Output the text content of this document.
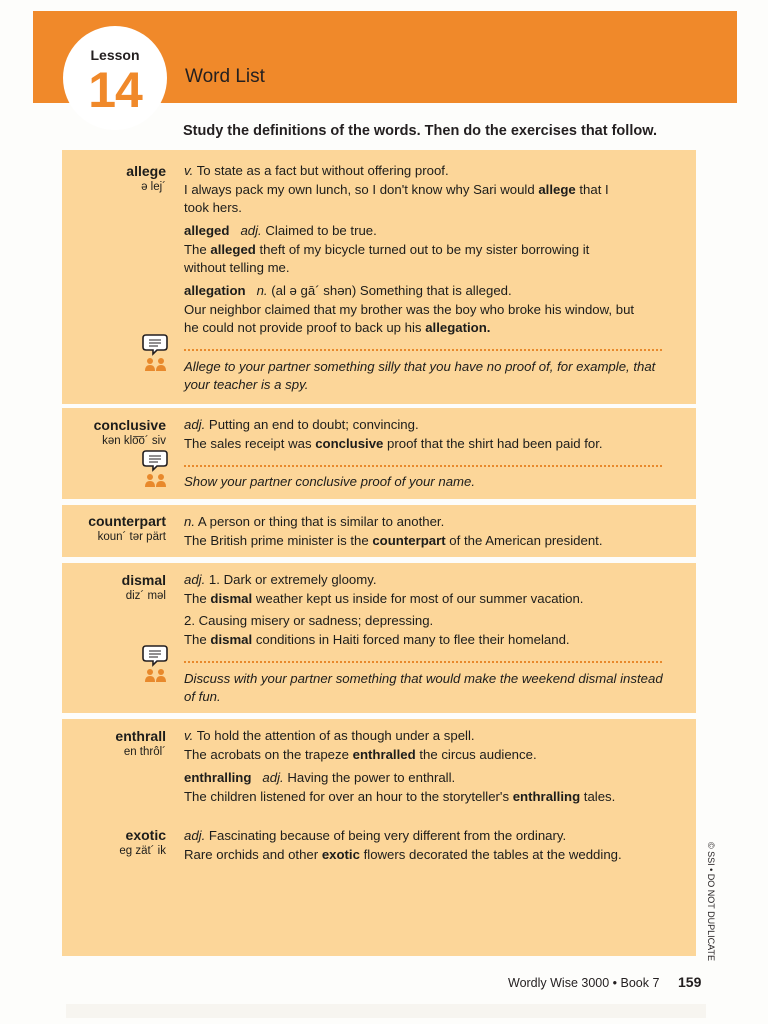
Lesson
14	Word List
Study the definitions of the words. Then do the exercises that follow.
allege
ə lej´
v. To state as a fact but without offering proof.
I always pack my own lunch, so I don't know why Sari would allege that I
took hers.
alleged adj. Claimed to be true.
The alleged theft of my bicycle turned out to be my sister borrowing it
without telling me.
allegation n. (al ə gā´ shən) Something that is alleged.
Our neighbor claimed that my brother was the boy who broke his window, but
he could not provide proof to back up his allegation.
Allege to your partner something silly that you have no proof of, for example, that
your teacher is a spy.
conclusive
kən klo͞o´ siv
adj. Putting an end to doubt; convincing.
The sales receipt was conclusive proof that the shirt had been paid for.
Show your partner conclusive proof of your name.
counterpart
koun´ tər pärt
n. A person or thing that is similar to another.
The British prime minister is the counterpart of the American president.
dismal
diz´ məl
adj. 1. Dark or extremely gloomy.
The dismal weather kept us inside for most of our summer vacation.
2. Causing misery or sadness; depressing.
The dismal conditions in Haiti forced many to flee their homeland.
Discuss with your partner something that would make the weekend dismal instead
of fun.
enthrall
en thrôl´
v. To hold the attention of as though under a spell.
The acrobats on the trapeze enthralled the circus audience.
enthralling adj. Having the power to enthrall.
The children listened for over an hour to the storyteller's enthralling tales.
exotic
eg zät´ ik
adj. Fascinating because of being very different from the ordinary.
Rare orchids and other exotic flowers decorated the tables at the wedding.	© SSI • DO NOT DUPLICATE
Wordly Wise 3000 • Book 7 159
